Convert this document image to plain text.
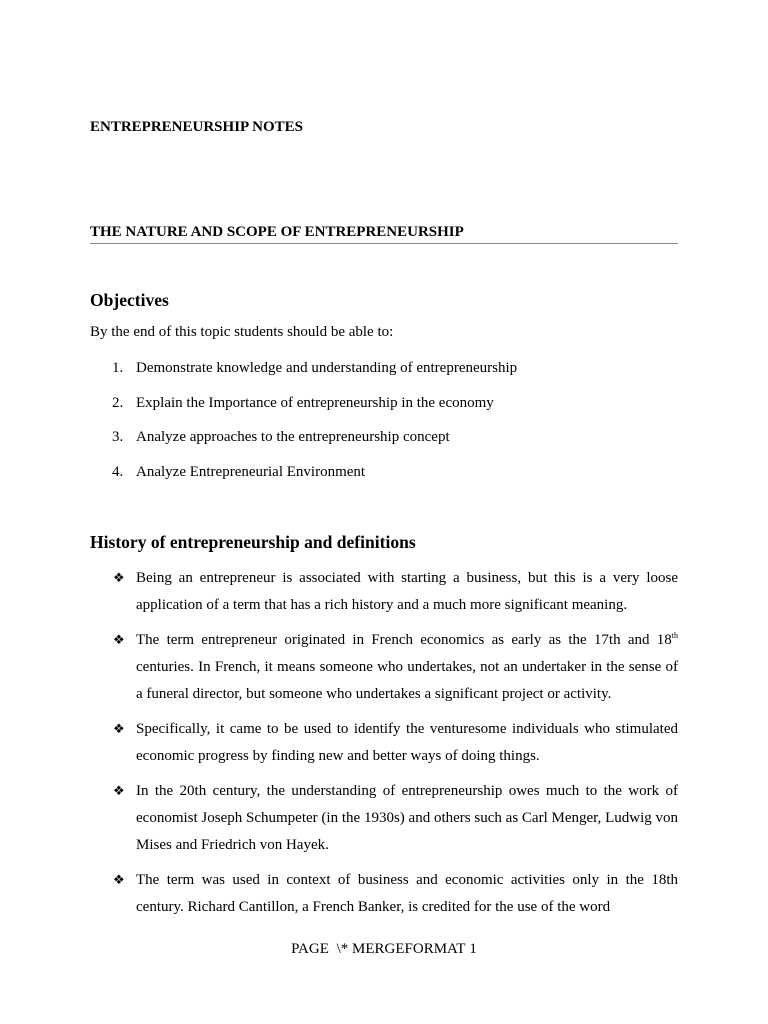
ENTREPRENEURSHIP NOTES
THE NATURE AND SCOPE OF ENTREPRENEURSHIP
Objectives

By the end of this topic students should be able to:

1. Demonstrate knowledge and understanding of entrepreneurship
2. Explain the Importance of entrepreneurship in the economy
3. Analyze approaches to the entrepreneurship concept
4. Analyze Entrepreneurial Environment
History of entrepreneurship and definitions
❖ Being an entrepreneur is associated with starting a business, but this is a very loose application of a term that has a rich history and a much more significant meaning.
❖ The term entrepreneur originated in French economics as early as the 17th and 18th centuries. In French, it means someone who undertakes, not an undertaker in the sense of a funeral director, but someone who undertakes a significant project or activity.
❖ Specifically, it came to be used to identify the venturesome individuals who stimulated economic progress by finding new and better ways of doing things.
❖ In the 20th century, the understanding of entrepreneurship owes much to the work of economist Joseph Schumpeter (in the 1930s) and others such as Carl Menger, Ludwig von Mises and Friedrich von Hayek.
❖ The term was used in context of business and economic activities only in the 18th century. Richard Cantillon, a French Banker, is credited for the use of the word
PAGE \* MERGEFORMAT 1
